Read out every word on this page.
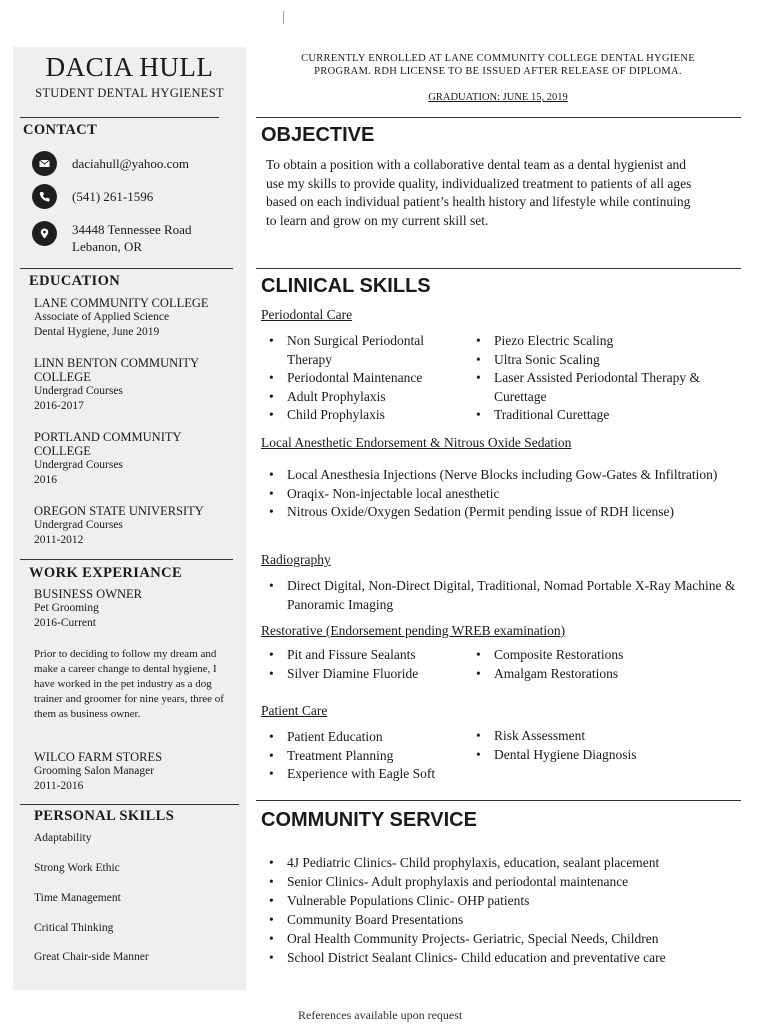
DACIA HULL
STUDENT DENTAL HYGIENEST
CONTACT
daciahull@yahoo.com
(541) 261-1596
34448 Tennessee Road
Lebanon, OR
EDUCATION
LANE COMMUNITY COLLEGE
Associate of Applied Science
Dental Hygiene, June 2019
LINN BENTON COMMUNITY COLLEGE
Undergrad Courses
2016-2017
PORTLAND COMMUNITY COLLEGE
Undergrad Courses
2016
OREGON STATE UNIVERSITY
Undergrad Courses
2011-2012
WORK EXPERIANCE
BUSINESS OWNER
Pet Grooming
2016-Current
Prior to deciding to follow my dream and make a career change to dental hygiene, I have worked in the pet industry as a dog trainer and groomer for nine years, three of them as business owner.
WILCO FARM STORES
Grooming Salon Manager
2011-2016
PERSONAL SKILLS
Adaptability
Strong Work Ethic
Time Management
Critical Thinking
Great Chair-side Manner
CURRENTLY ENROLLED AT LANE COMMUNITY COLLEGE DENTAL HYGIENE
PROGRAM. RDH LICENSE TO BE ISSUED AFTER RELEASE OF DIPLOMA.
GRADUATION: JUNE 15, 2019
OBJECTIVE
To obtain a position with a collaborative dental team as a dental hygienist and use my skills to provide quality, individualized treatment to patients of all ages based on each individual patient’s health history and lifestyle while continuing to learn and grow on my current skill set.
CLINICAL SKILLS
Periodontal Care
• Non Surgical Periodontal Therapy
• Periodontal Maintenance
• Adult Prophylaxis
• Child Prophylaxis
• Piezo Electric Scaling
• Ultra Sonic Scaling
• Laser Assisted Periodontal Therapy & Curettage
• Traditional Curettage
Local Anesthetic Endorsement & Nitrous Oxide Sedation
• Local Anesthesia Injections (Nerve Blocks including Gow-Gates & Infiltration)
• Oraqix- Non-injectable local anesthetic
• Nitrous Oxide/Oxygen Sedation (Permit pending issue of RDH license)
Radiography
• Direct Digital, Non-Direct Digital, Traditional, Nomad Portable X-Ray Machine & Panoramic Imaging
Restorative (Endorsement pending WREB examination)
• Pit and Fissure Sealants
• Silver Diamine Fluoride
• Composite Restorations
• Amalgam Restorations
Patient Care
• Patient Education
• Treatment Planning
• Experience with Eagle Soft
• Risk Assessment
• Dental Hygiene Diagnosis
COMMUNITY SERVICE
• 4J Pediatric Clinics- Child prophylaxis, education, sealant placement
• Senior Clinics- Adult prophylaxis and periodontal maintenance
• Vulnerable Populations Clinic- OHP patients
• Community Board Presentations
• Oral Health Community Projects- Geriatric, Special Needs, Children
• School District Sealant Clinics- Child education and preventative care
References available upon request
